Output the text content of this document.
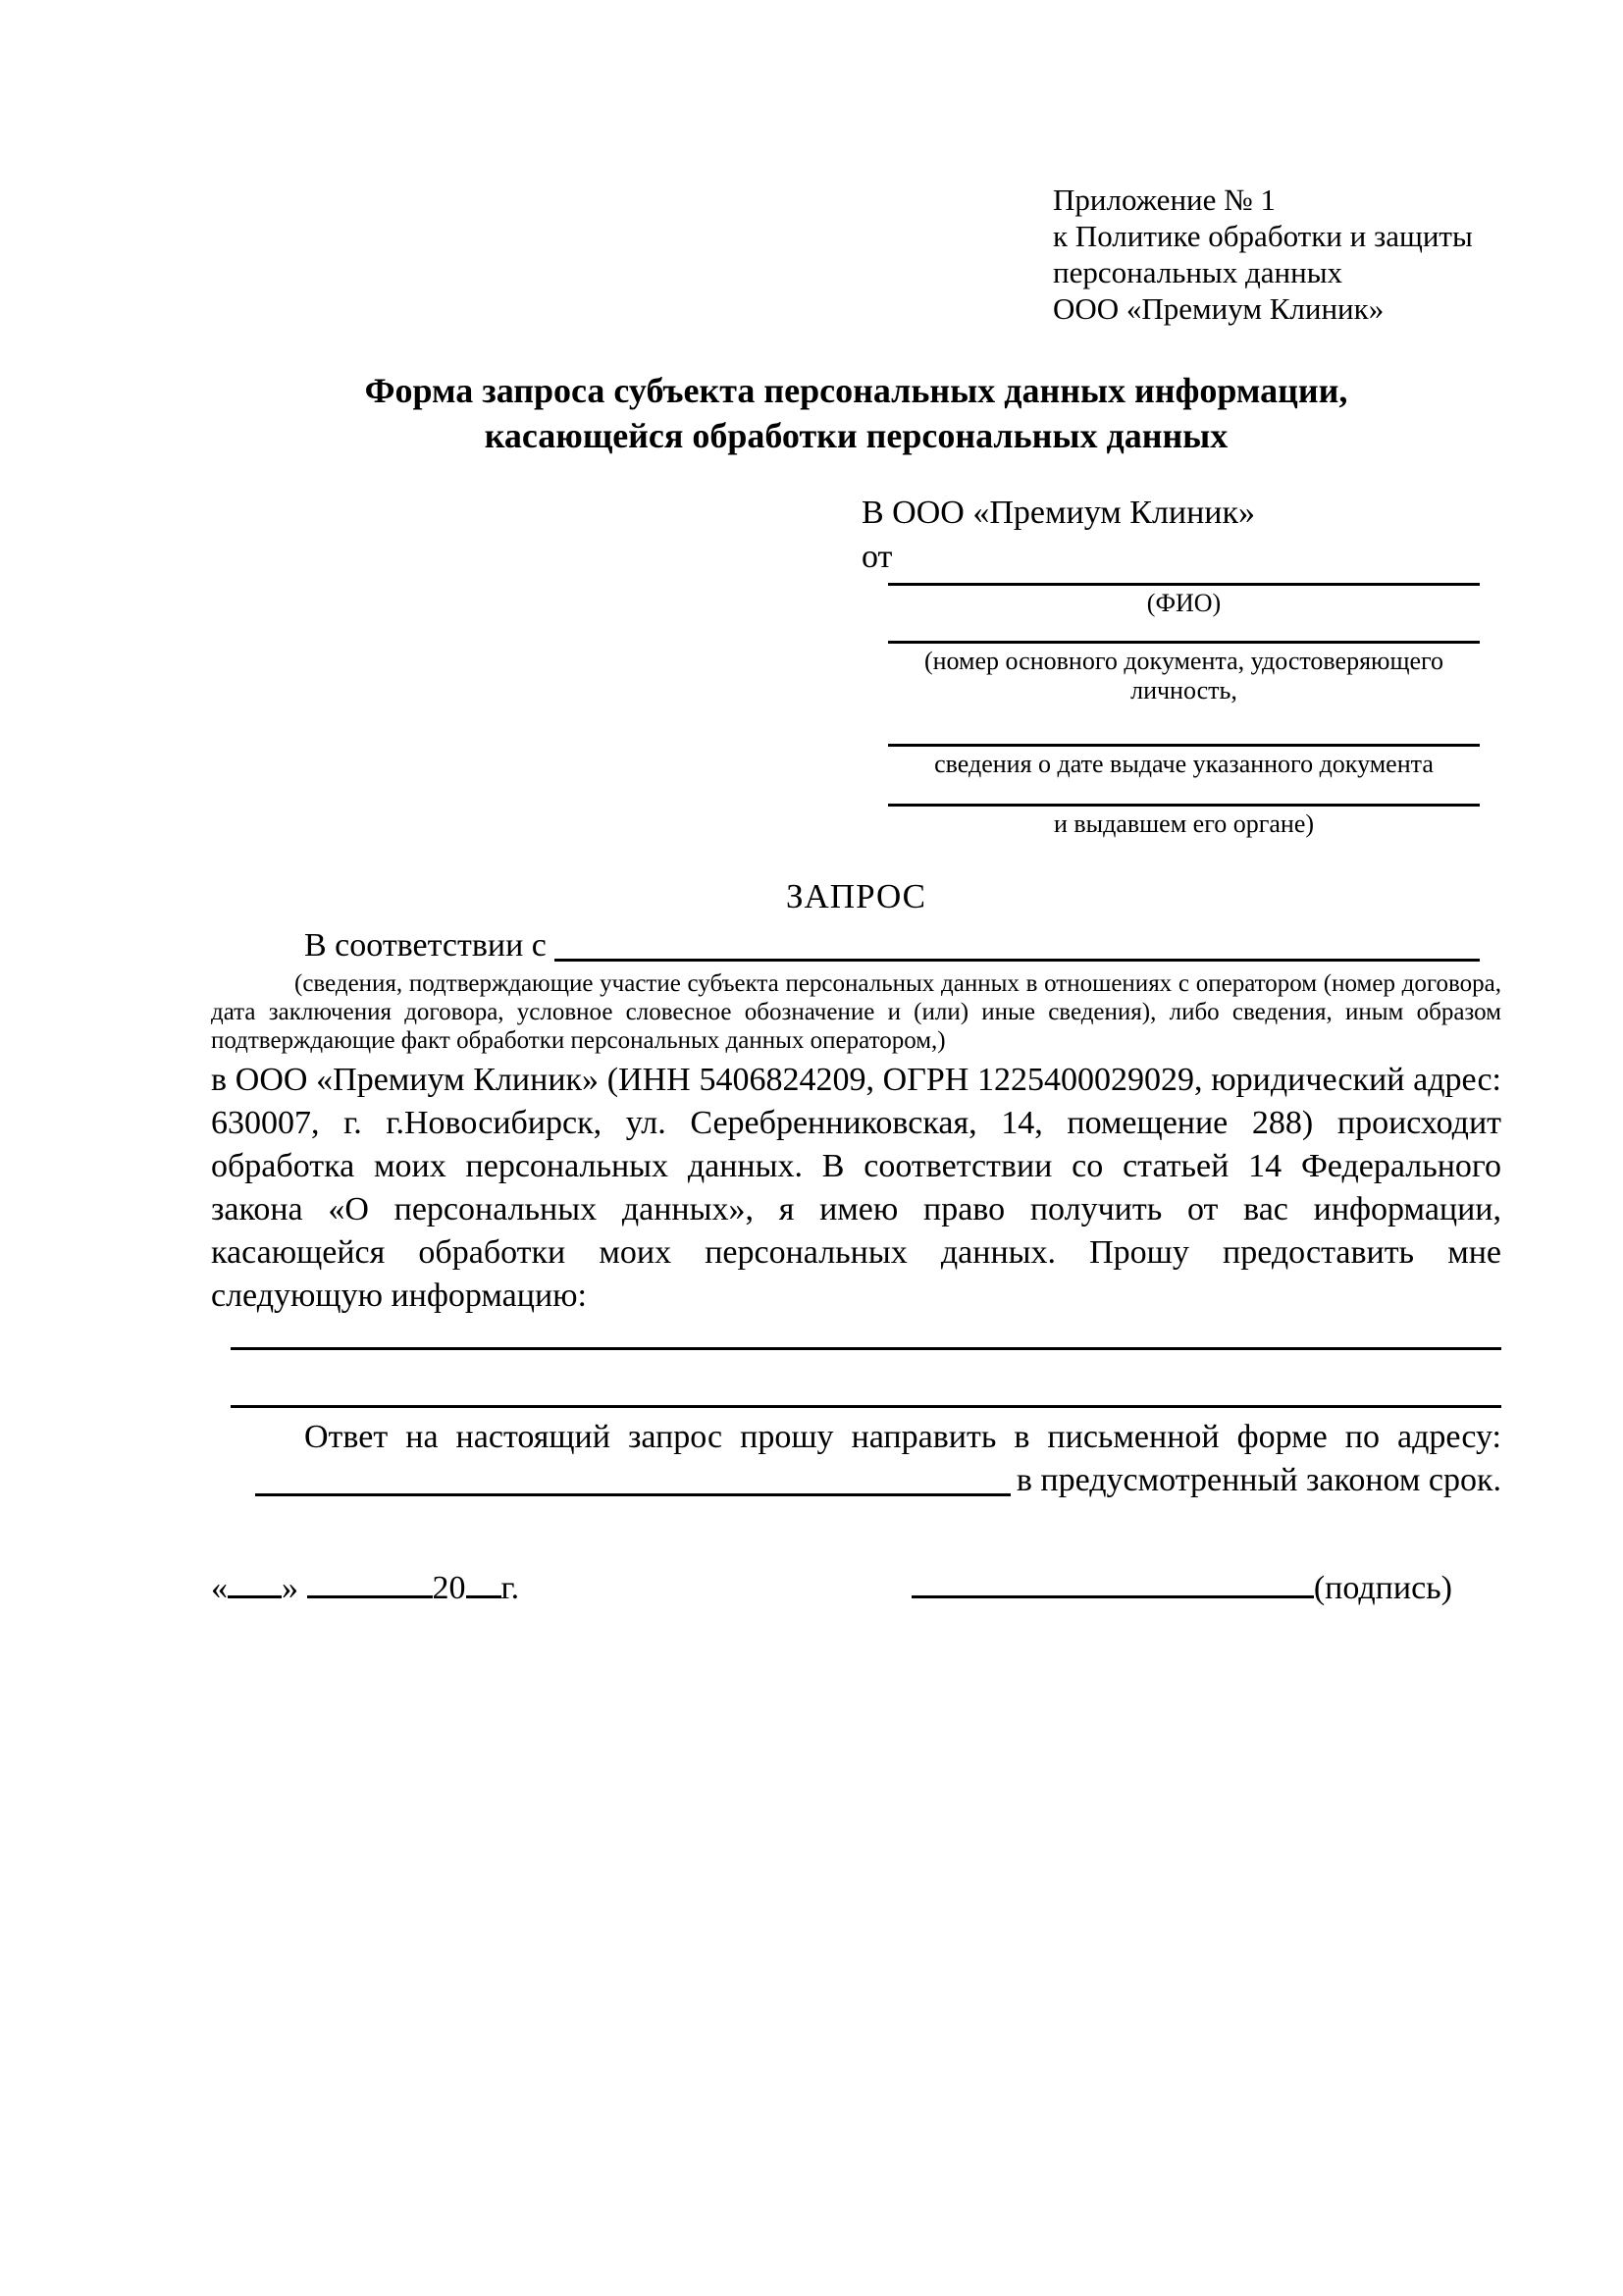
Приложение № 1
к Политике обработки и защиты
персональных данных
ООО «Премиум Клиник»
Форма запроса субъекта персональных данных информации,
касающейся обработки персональных данных
В ООО «Премиум Клиник»
от
(ФИО)
(номер основного документа, удостоверяющего личность,
сведения о дате выдаче указанного документа
и выдавшем его органе)
ЗАПРОС
В соответствии с
(сведения, подтверждающие участие субъекта персональных данных в отношениях с оператором (номер договора, дата заключения договора, условное словесное обозначение и (или) иные сведения), либо сведения, иным образом подтверждающие факт обработки персональных данных оператором,)
в ООО «Премиум Клиник» (ИНН 5406824209, ОГРН 1225400029029, юридический адрес: 630007, г. г.Новосибирск, ул. Серебренниковская, 14, помещение 288) происходит обработка моих персональных данных. В соответствии со статьей 14 Федерального закона «О персональных данных», я имею право получить от вас информации, касающейся обработки моих персональных данных. Прошу предоставить мне следующую информацию:
Ответ на настоящий запрос прошу направить в письменной форме по адресу:
в предусмотренный законом срок.
« »	20 г.	(подпись)
